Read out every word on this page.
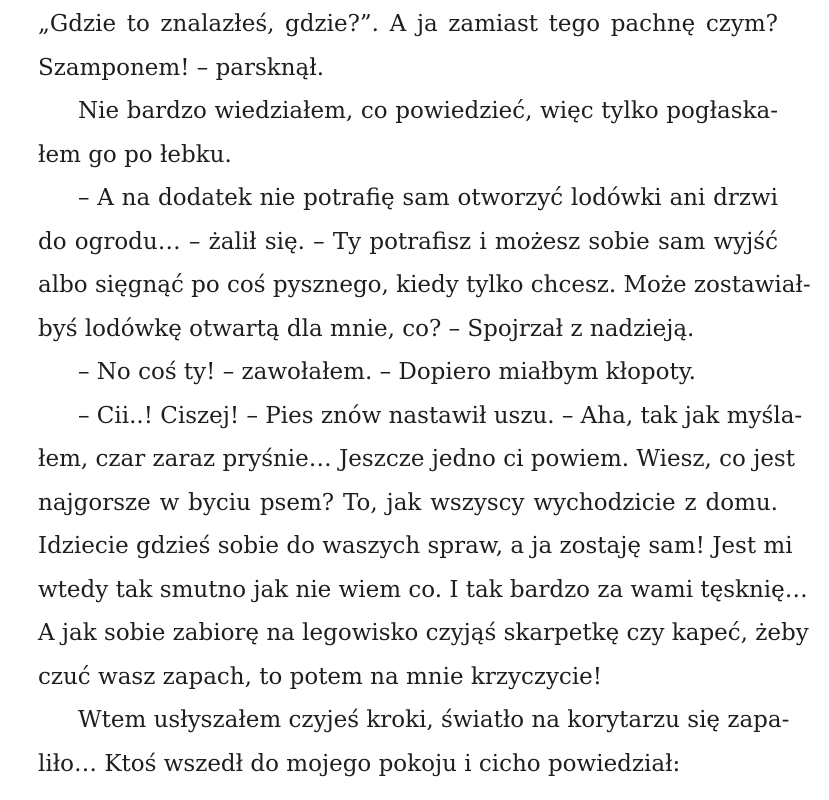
„Gdzie to znalazłeś, gdzie?”. A ja zamiast tego pachnę czym?
Szamponem! – parsknął.
Nie bardzo wiedziałem, co powiedzieć, więc tylko pogłaska-
łem go po łebku.
– A na dodatek nie potrafię sam otworzyć lodówki ani drzwi
do ogrodu… – żalił się. – Ty potrafisz i możesz sobie sam wyjść
albo sięgnąć po coś pysznego, kiedy tylko chcesz. Może zostawiał-
byś lodówkę otwartą dla mnie, co? – Spojrzał z nadzieją.
– No coś ty! – zawołałem. – Dopiero miałbym kłopoty.
– Cii..! Ciszej! – Pies znów nastawił uszu. – Aha, tak jak myśla-
łem, czar zaraz pryśnie… Jeszcze jedno ci powiem. Wiesz, co jest
najgorsze w byciu psem? To, jak wszyscy wychodzicie z domu.
Idziecie gdzieś sobie do waszych spraw, a ja zostaję sam! Jest mi
wtedy tak smutno jak nie wiem co. I tak bardzo za wami tęsknię…
A jak sobie zabiorę na legowisko czyjąś skarpetkę czy kapeć, żeby
czuć wasz zapach, to potem na mnie krzyczycie!
Wtem usłyszałem czyjeś kroki, światło na korytarzu się zapa-
liło… Ktoś wszedł do mojego pokoju i cicho powiedział:
